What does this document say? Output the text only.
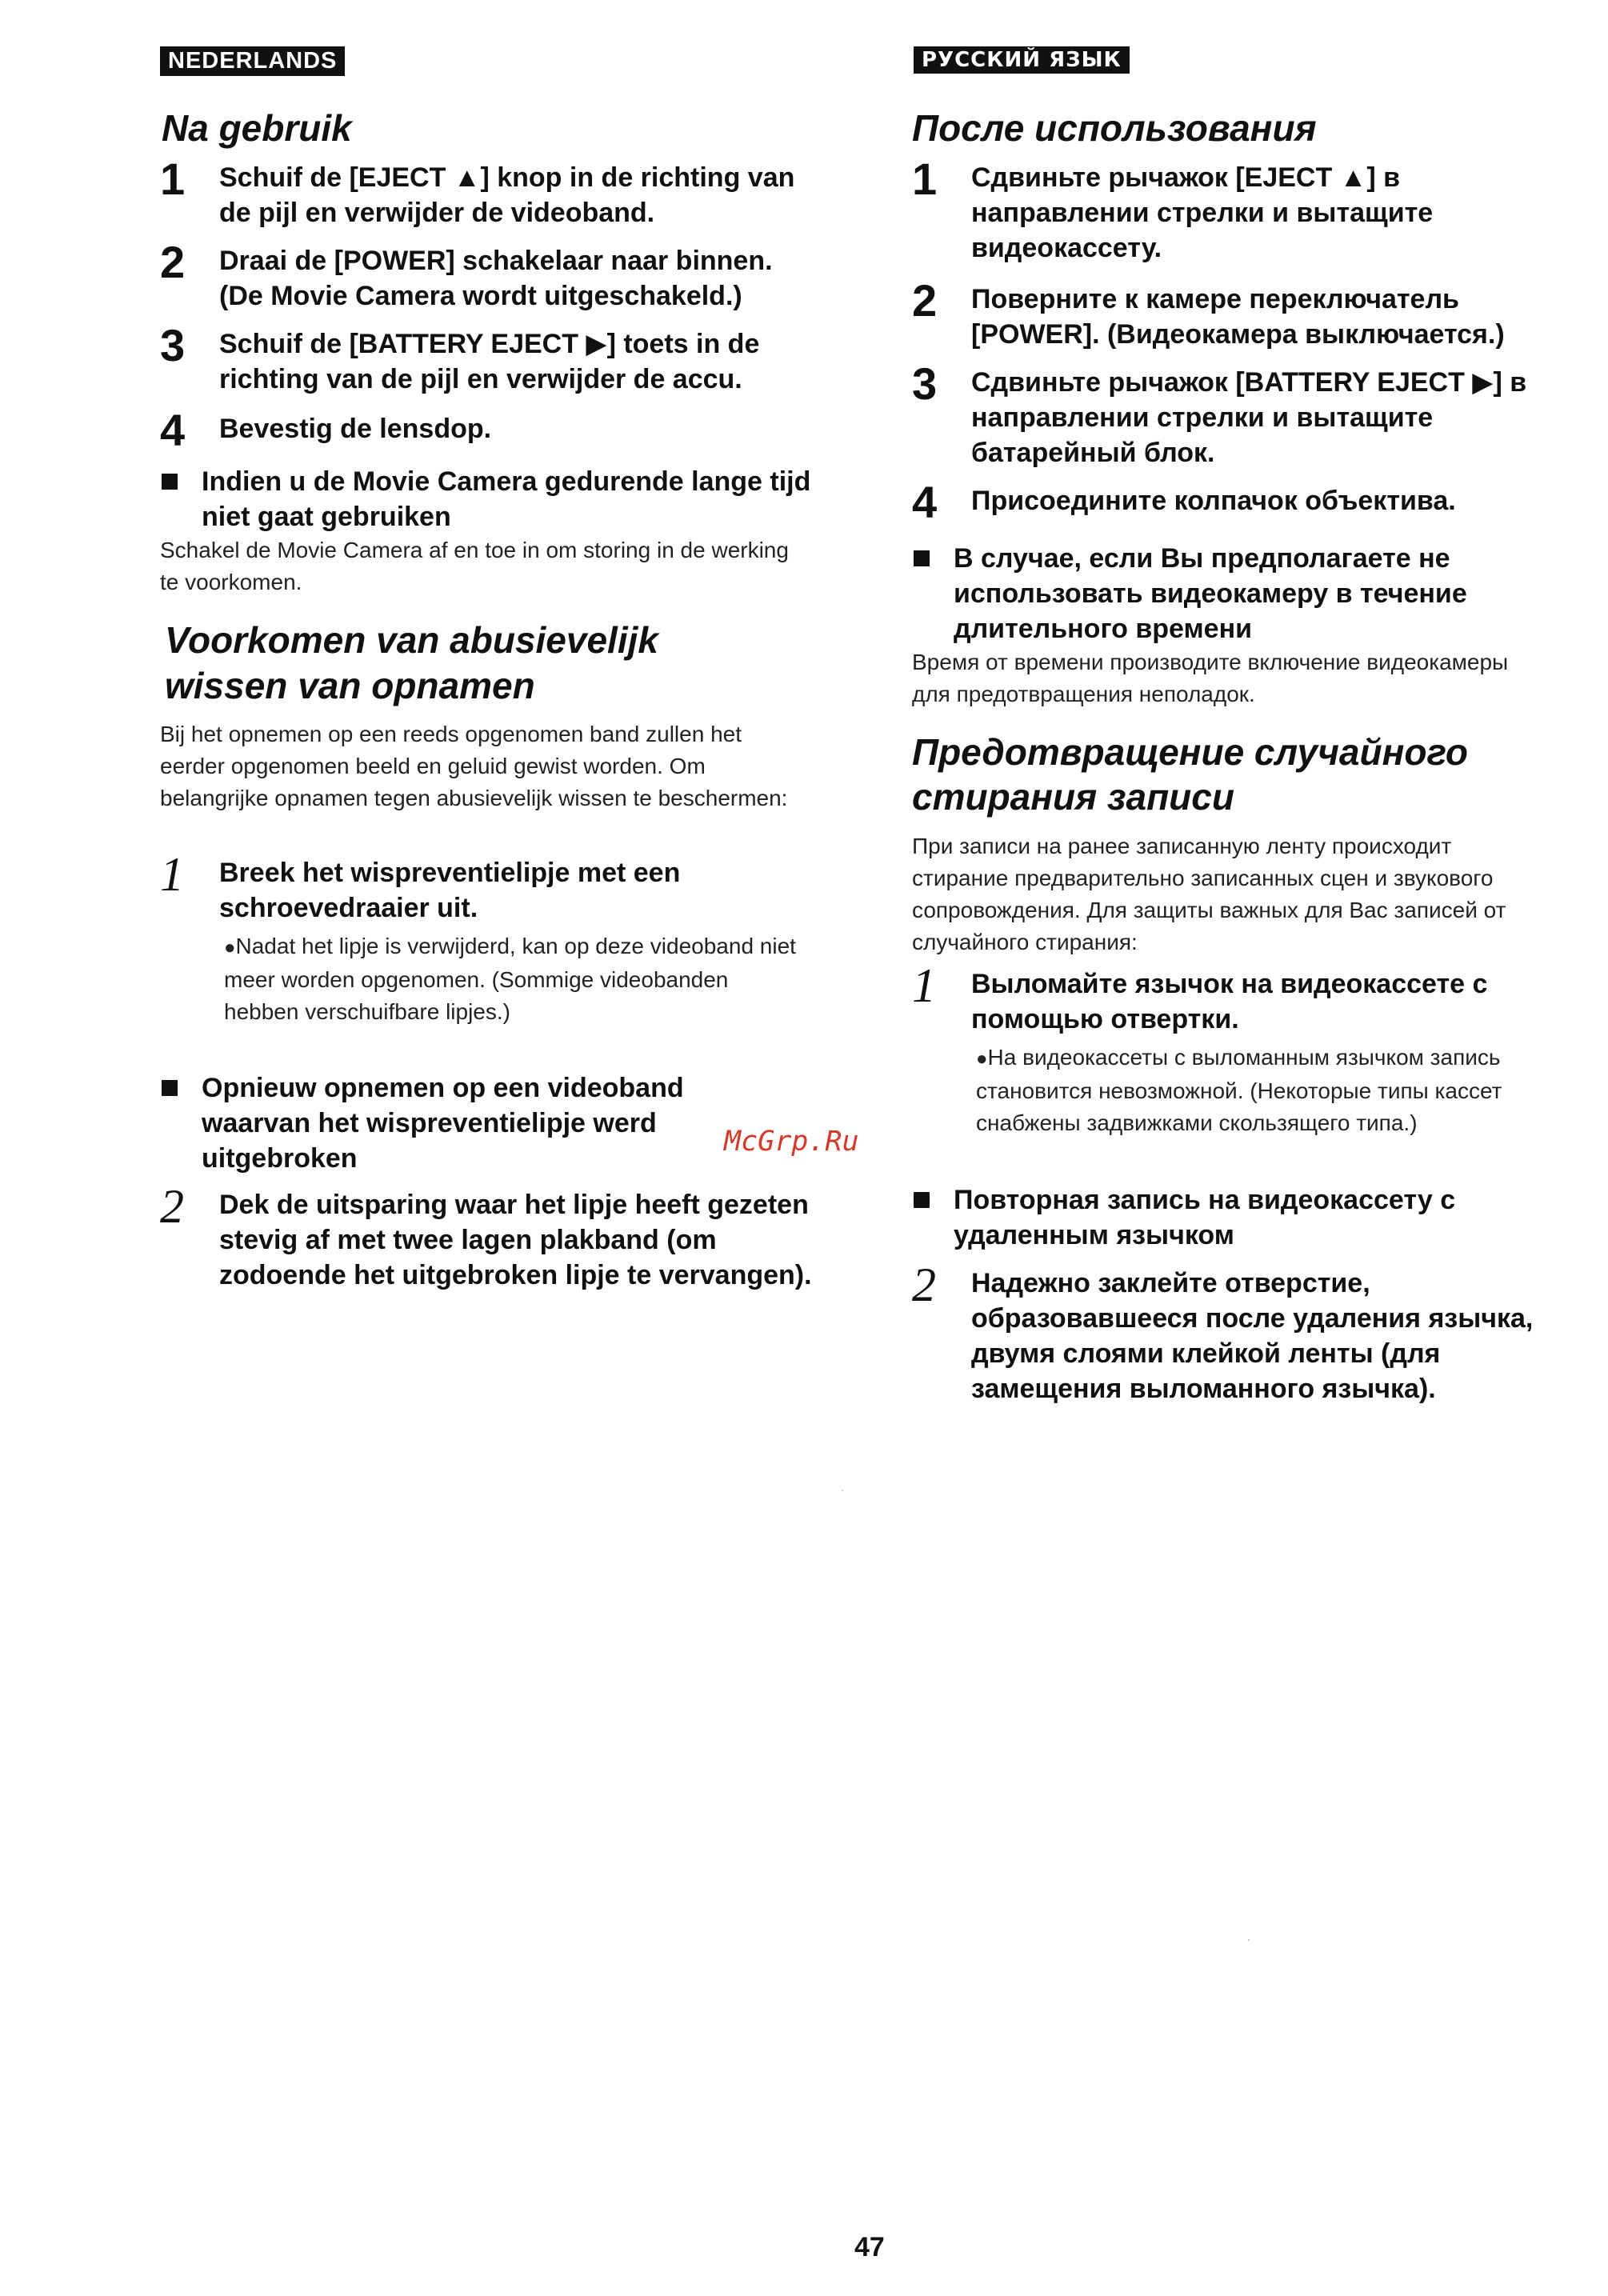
NEDERLANDS
Na gebruik
1 Schuif de [EJECT ▲] knop in de richting van de pijl en verwijder de videoband.
2 Draai de [POWER] schakelaar naar binnen. (De Movie Camera wordt uitgeschakeld.)
3 Schuif de [BATTERY EJECT ▶] toets in de richting van de pijl en verwijder de accu.
4 Bevestig de lensdop.
Indien u de Movie Camera gedurende lange tijd niet gaat gebruiken
Schakel de Movie Camera af en toe in om storing in de werking te voorkomen.
Voorkomen van abusievelijk
wissen van opnamen
Bij het opnemen op een reeds opgenomen band zullen het eerder opgenomen beeld en geluid gewist worden. Om belangrijke opnamen tegen abusievelijk wissen te beschermen:
1 Breek het wispreventielipje met een schroevedraaier uit.
●Nadat het lipje is verwijderd, kan op deze videoband niet meer worden opgenomen. (Sommige videobanden hebben verschuifbare lipjes.)
Opnieuw opnemen op een videoband waarvan het wispreventielipje werd uitgebroken
2 Dek de uitsparing waar het lipje heeft gezeten stevig af met twee lagen plakband (om zodoende het uitgebroken lipje te vervangen).
РУССКИЙ ЯЗЫК
После использования
1 Сдвиньте рычажок [EJECT ▲] в направлении стрелки и вытащите видеокассету.
2 Поверните к камере переключатель [POWER]. (Видеокамера выключается.)
3 Сдвиньте рычажок [BATTERY EJECT ▶] в направлении стрелки и вытащите батарейный блок.
4 Присоедините колпачок объектива.
В случае, если Вы предполагаете не использовать видеокамеру в течение длительного времени
Время от времени производите включение видеокамеры для предотвращения неполадок.
Предотвращение случайного
стирания записи
При записи на ранее записанную ленту происходит стирание предварительно записанных сцен и звукового сопровождения. Для защиты важных для Вас записей от случайного стирания:
1 Выломайте язычок на видеокассете с помощью отвертки.
●На видеокассеты с выломанным язычком запись становится невозможной. (Некоторые типы кассет снабжены задвижками скользящего типа.)
Повторная запись на видеокассету с удаленным язычком
2 Надежно заклейте отверстие, образовавшееся после удаления язычка, двумя слоями клейкой ленты (для замещения выломанного язычка).
McGrp.Ru
47
